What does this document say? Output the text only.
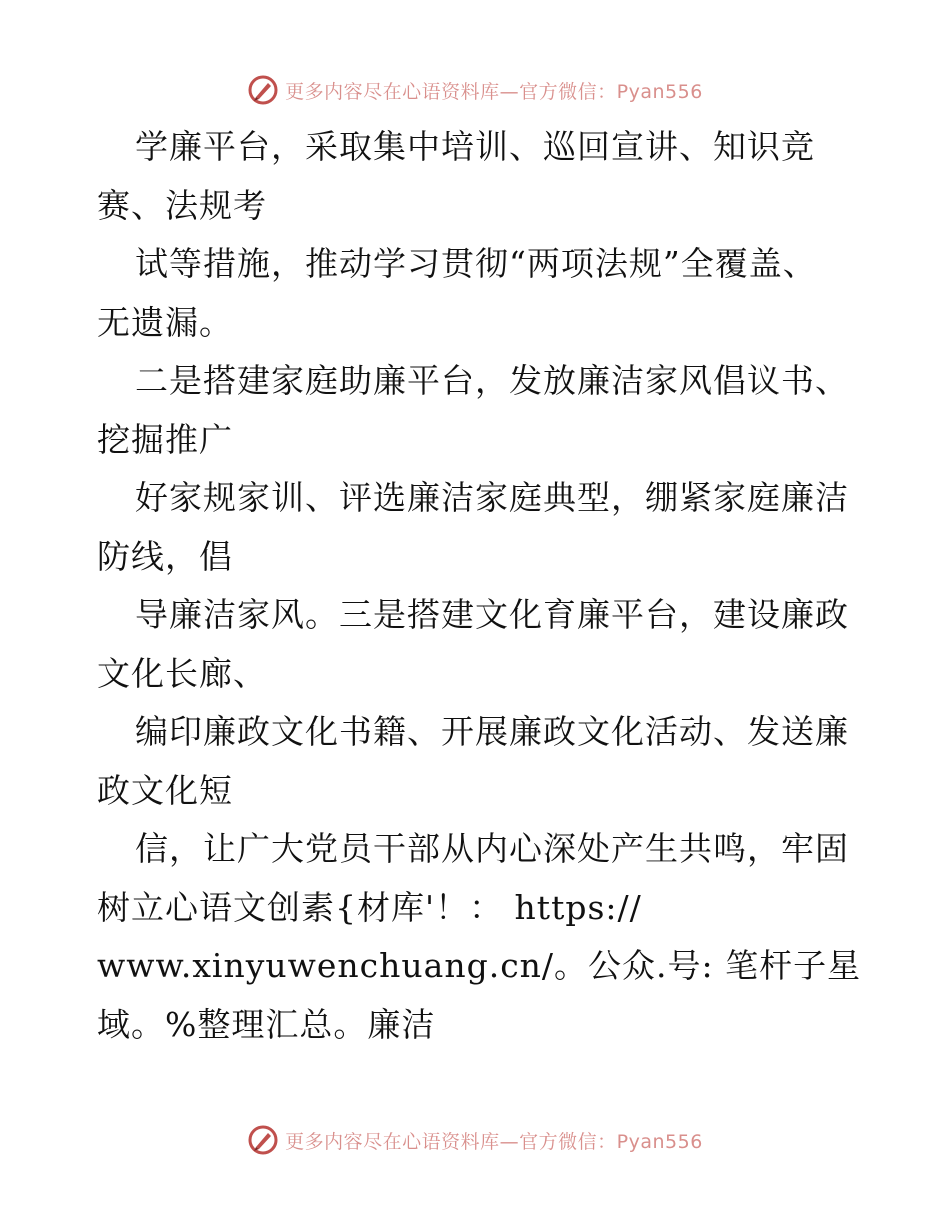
更多内容尽在心语资料库—官方微信：Pyan556
学廉平台，采取集中培训、巡回宣讲、知识竞
赛、法规考
试等措施，推动学习贯彻“两项法规”全覆盖、
无遗漏。
二是搭建家庭助廉平台，发放廉洁家风倡议书、
挖掘推广
好家规家训、评选廉洁家庭典型，绷紧家庭廉洁
防线，倡
导廉洁家风。三是搭建文化育廉平台，建设廉政
文化长廊、
编印廉政文化书籍、开展廉政文化活动、发送廉
政文化短
信，让广大党员干部从内心深处产生共鸣，牢固
树立心语文创素{材库'！： https://
www.xinyuwenchuang.cn/。公众.号: 笔杆子星
域。%整理汇总。廉洁
更多内容尽在心语资料库—官方微信：Pyan556
